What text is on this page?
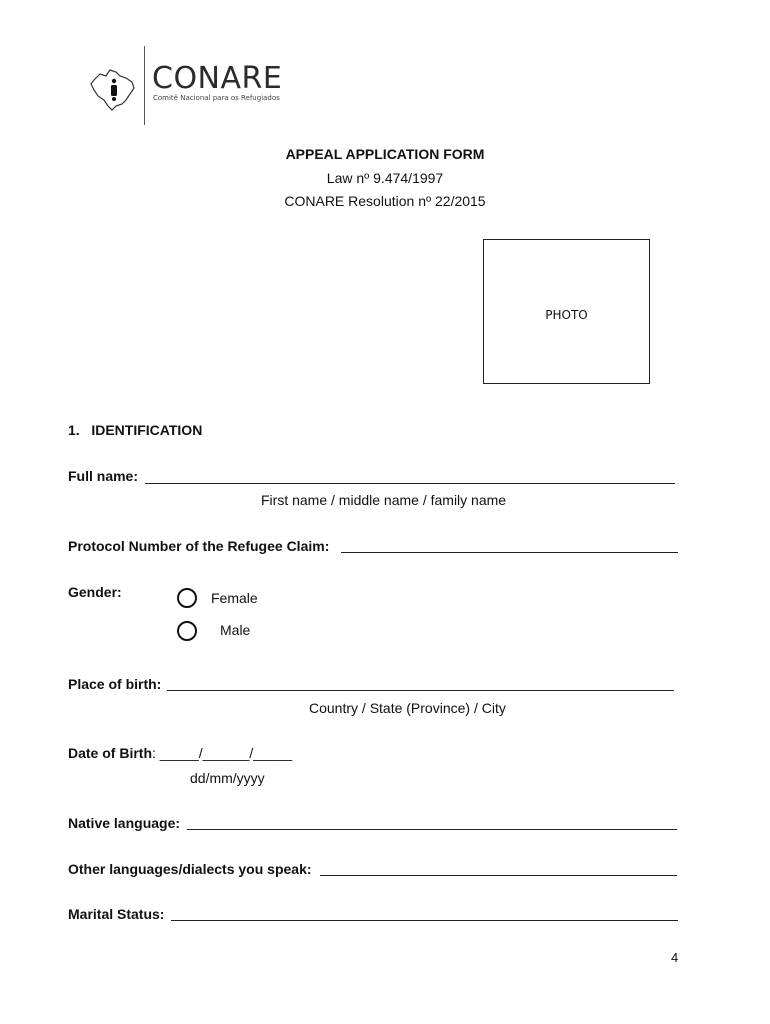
CONARE
Comitê Nacional para os Refugiados
APPEAL APPLICATION FORM
Law nº 9.474/1997
CONARE Resolution nº 22/2015
PHOTO
1.   IDENTIFICATION
Full name:
First name / middle name / family name
Protocol Number of the Refugee Claim:
Gender:	Female
Male
Place of birth:
Country / State (Province) / City
Date of Birth: _____/______/_____
dd/mm/yyyy
Native language:
Other languages/dialects you speak:
Marital Status:
4
